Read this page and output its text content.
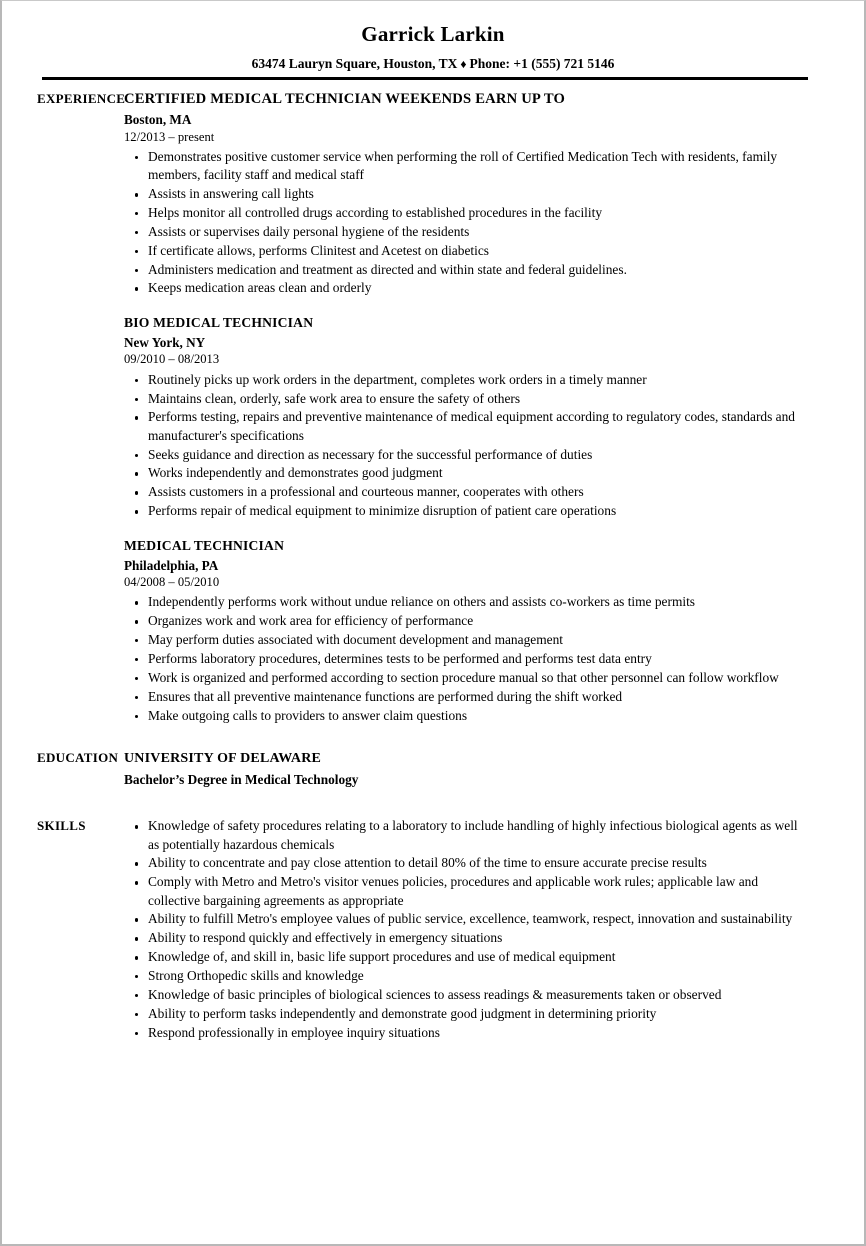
Garrick Larkin
63474 Lauryn Square, Houston, TX ♦ Phone: +1 (555) 721 5146
EXPERIENCE
CERTIFIED MEDICAL TECHNICIAN WEEKENDS EARN UP TO
Boston, MA
12/2013 – present
Demonstrates positive customer service when performing the roll of Certified Medication Tech with residents, family members, facility staff and medical staff
Assists in answering call lights
Helps monitor all controlled drugs according to established procedures in the facility
Assists or supervises daily personal hygiene of the residents
If certificate allows, performs Clinitest and Acetest on diabetics
Administers medication and treatment as directed and within state and federal guidelines.
Keeps medication areas clean and orderly
BIO MEDICAL TECHNICIAN
New York, NY
09/2010 – 08/2013
Routinely picks up work orders in the department, completes work orders in a timely manner
Maintains clean, orderly, safe work area to ensure the safety of others
Performs testing, repairs and preventive maintenance of medical equipment according to regulatory codes, standards and manufacturer's specifications
Seeks guidance and direction as necessary for the successful performance of duties
Works independently and demonstrates good judgment
Assists customers in a professional and courteous manner, cooperates with others
Performs repair of medical equipment to minimize disruption of patient care operations
MEDICAL TECHNICIAN
Philadelphia, PA
04/2008 – 05/2010
Independently performs work without undue reliance on others and assists co-workers as time permits
Organizes work and work area for efficiency of performance
May perform duties associated with document development and management
Performs laboratory procedures, determines tests to be performed and performs test data entry
Work is organized and performed according to section procedure manual so that other personnel can follow workflow
Ensures that all preventive maintenance functions are performed during the shift worked
Make outgoing calls to providers to answer claim questions
EDUCATION UNIVERSITY OF DELAWARE
Bachelor’s Degree in Medical Technology
SKILLS	Knowledge of safety procedures relating to a laboratory to include handling of highly infectious biological agents as well as potentially hazardous chemicals
Ability to concentrate and pay close attention to detail 80% of the time to ensure accurate precise results
Comply with Metro and Metro's visitor venues policies, procedures and applicable work rules; applicable law and collective bargaining agreements as appropriate
Ability to fulfill Metro's employee values of public service, excellence, teamwork, respect, innovation and sustainability
Ability to respond quickly and effectively in emergency situations
Knowledge of, and skill in, basic life support procedures and use of medical equipment
Strong Orthopedic skills and knowledge
Knowledge of basic principles of biological sciences to assess readings & measurements taken or observed
Ability to perform tasks independently and demonstrate good judgment in determining priority
Respond professionally in employee inquiry situations
